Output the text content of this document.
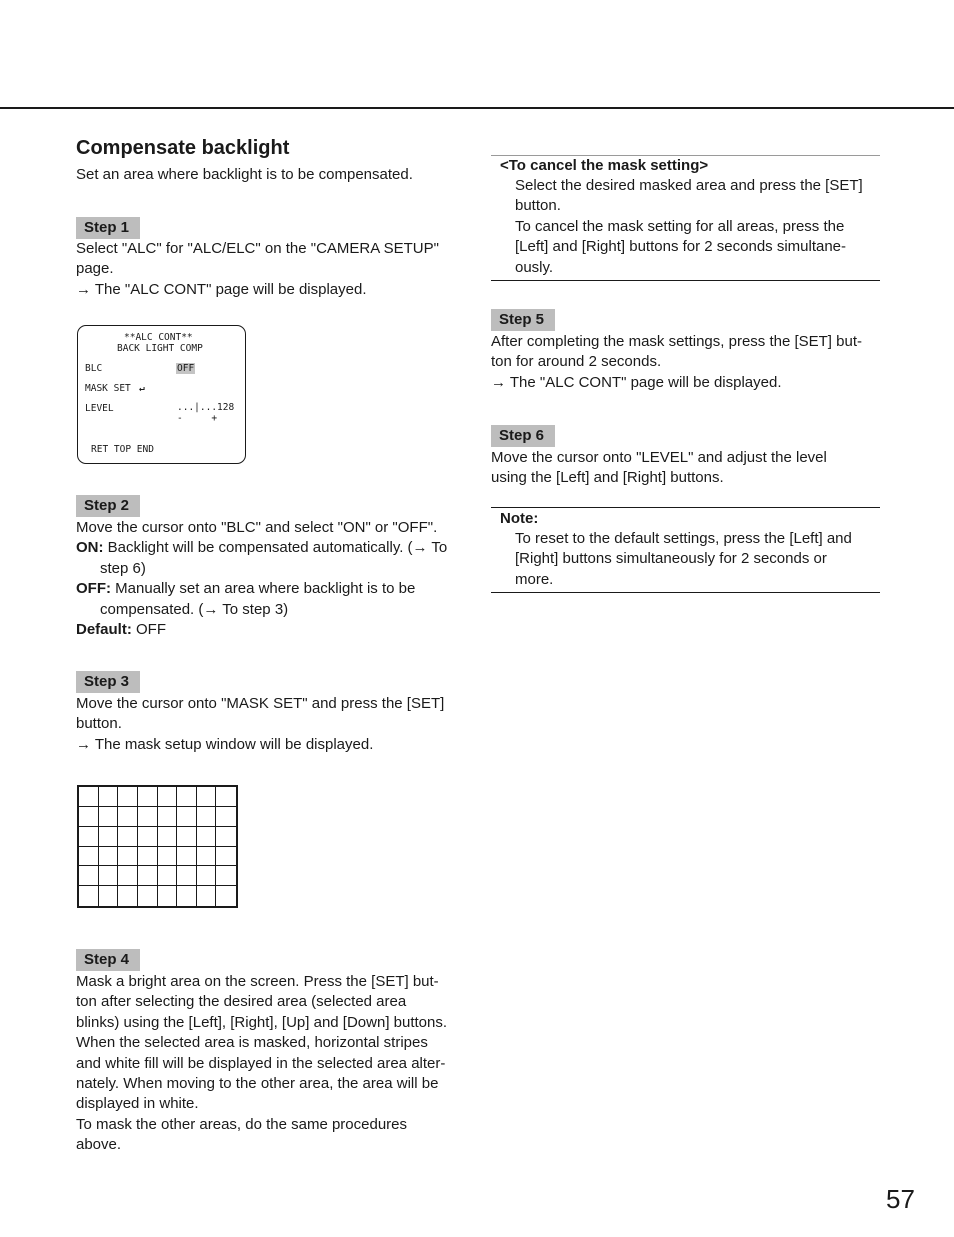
Compensate backlight

Set an area where backlight is to be compensated.

Step 1

Select "ALC" for "ALC/ELC" on the "CAMERA SETUP"

page.

→ The "ALC CONT" page will be displayed.

**ALC CONT**
BACK LIGHT COMP
BLC	OFF
MASK SET ↵
LEVEL	...|...128
-     +
RET TOP END
Step 2

Move the cursor onto "BLC" and select "ON" or "OFF".

ON: Backlight will be compensated automatically. (→ To step 6)

OFF: Manually set an area where backlight is to be compensated. (→ To step 3)

Default: OFF

Step 3

Move the cursor onto "MASK SET" and press the [SET]

button.

→ The mask setup window will be displayed.

Step 4

Mask a bright area on the screen. Press the [SET] but-

ton after selecting the desired area (selected area

blinks) using the [Left], [Right], [Up] and [Down] buttons.

When the selected area is masked, horizontal stripes

and white fill will be displayed in the selected area alter-

nately. When moving to the other area, the area will be

displayed in white.

To mask the other areas, do the same procedures

above.

<To cancel the mask setting>

Select the desired masked area and press the [SET]

button.

To cancel the mask setting for all areas, press the

[Left] and [Right] buttons for 2 seconds simultane-

ously.

Step 5

After completing the mask settings, press the [SET] but-

ton for around 2 seconds.

→ The "ALC CONT" page will be displayed.

Step 6

Move the cursor onto "LEVEL" and adjust the level

using the [Left] and [Right] buttons.

Note:

To reset to the default settings, press the [Left] and

[Right] buttons simultaneously for 2 seconds or

more.

57
